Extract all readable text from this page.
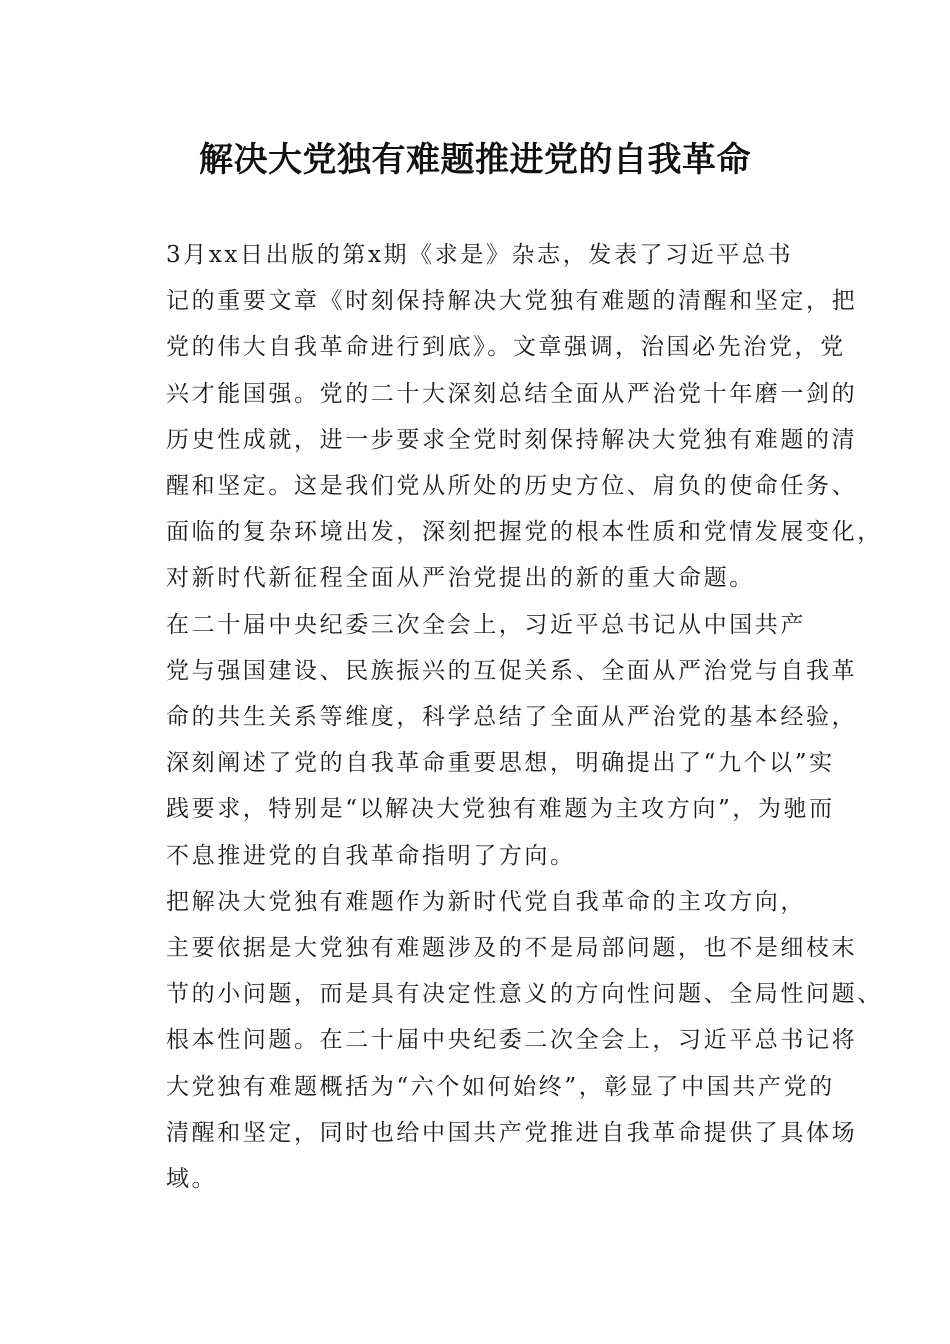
解决大党独有难题推进党的自我革命

3月xx日出版的第x期《求是》杂志，发表了习近平总书
记的重要文章《时刻保持解决大党独有难题的清醒和坚定，把
党的伟大自我革命进行到底》。文章强调，治国必先治党，党
兴才能国强。党的二十大深刻总结全面从严治党十年磨一剑的
历史性成就，进一步要求全党时刻保持解决大党独有难题的清
醒和坚定。这是我们党从所处的历史方位、肩负的使命任务、
面临的复杂环境出发，深刻把握党的根本性质和党情发展变化，
对新时代新征程全面从严治党提出的新的重大命题。

在二十届中央纪委三次全会上，习近平总书记从中国共产
党与强国建设、民族振兴的互促关系、全面从严治党与自我革
命的共生关系等维度，科学总结了全面从严治党的基本经验，
深刻阐述了党的自我革命重要思想，明确提出了“九个以”实
践要求，特别是“以解决大党独有难题为主攻方向”，为驰而
不息推进党的自我革命指明了方向。

把解决大党独有难题作为新时代党自我革命的主攻方向，
主要依据是大党独有难题涉及的不是局部问题，也不是细枝末
节的小问题，而是具有决定性意义的方向性问题、全局性问题、
根本性问题。在二十届中央纪委二次全会上，习近平总书记将
大党独有难题概括为“六个如何始终”，彰显了中国共产党的
清醒和坚定，同时也给中国共产党推进自我革命提供了具体场
域。
